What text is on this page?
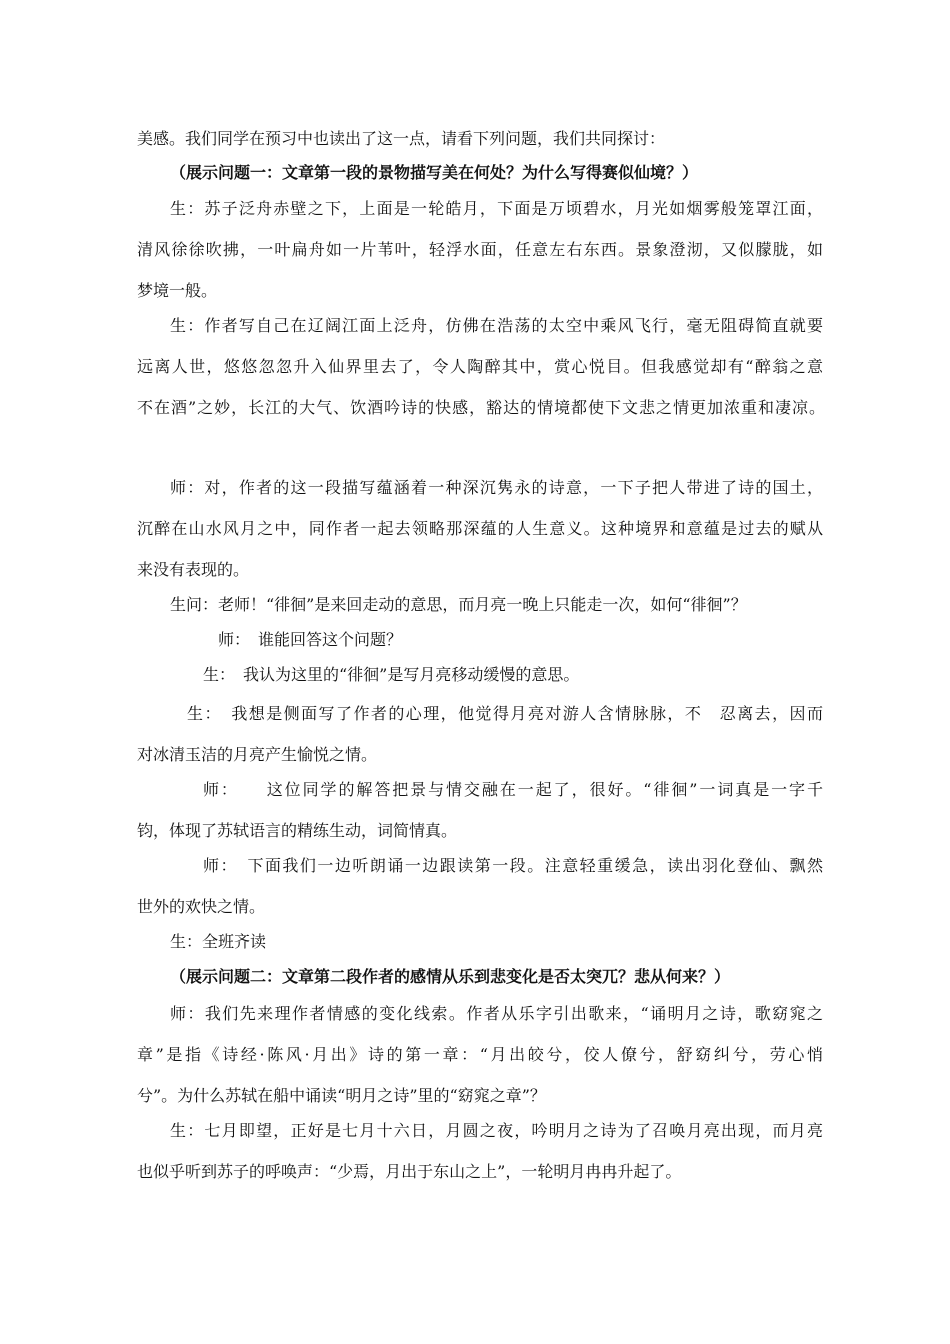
美感。我们同学在预习中也读出了这一点，请看下列问题，我们共同探讨：
（展示问题一：文章第一段的景物描写美在何处？为什么写得赛似仙境？）
生：苏子泛舟赤壁之下，上面是一轮皓月，下面是万顷碧水，月光如烟雾般笼罩江面，
清风徐徐吹拂，一叶扁舟如一片苇叶，轻浮水面，任意左右东西。景象澄沏，又似朦胧，如
梦境一般。
生：作者写自己在辽阔江面上泛舟，仿佛在浩荡的太空中乘风飞行，毫无阻碍简直就要
远离人世，悠悠忽忽升入仙界里去了，令人陶醉其中，赏心悦目。但我感觉却有“醉翁之意
不在酒”之妙，长江的大气、饮酒吟诗的快感，豁达的情境都使下文悲之情更加浓重和凄凉。
师：对，作者的这一段描写蕴涵着一种深沉隽永的诗意，一下子把人带进了诗的国土，
沉醉在山水风月之中，同作者一起去领略那深蕴的人生意义。这种境界和意蕴是过去的赋从
来没有表现的。
生问：老师！“徘徊”是来回走动的意思，而月亮一晚上只能走一次，如何“徘徊”？
师：　谁能回答这个问题？
生：　我认为这里的“徘徊”是写月亮移动缓慢的意思。
生：　我想是侧面写了作者的心理，他觉得月亮对游人含情脉脉，不　忍离去，因而
对冰清玉洁的月亮产生愉悦之情。
师：　　这位同学的解答把景与情交融在一起了，很好。“徘徊”一词真是一字千
钧，体现了苏轼语言的精练生动，词简情真。
师：　下面我们一边听朗诵一边跟读第一段。注意轻重缓急，读出羽化登仙、飘然
世外的欢快之情。
生：全班齐读
（展示问题二：文章第二段作者的感情从乐到悲变化是否太突兀？悲从何来？）
师：我们先来理作者情感的变化线索。作者从乐字引出歌来，“诵明月之诗，歌窈窕之
章”是指《诗经·陈风·月出》诗的第一章：“月出皎兮，佼人僚兮，舒窈纠兮，劳心悄
兮”。为什么苏轼在船中诵读“明月之诗”里的“窈窕之章”？
生：七月即望，正好是七月十六日，月圆之夜，吟明月之诗为了召唤月亮出现，而月亮
也似乎听到苏子的呼唤声：“少焉，月出于东山之上”，一轮明月冉冉升起了。
